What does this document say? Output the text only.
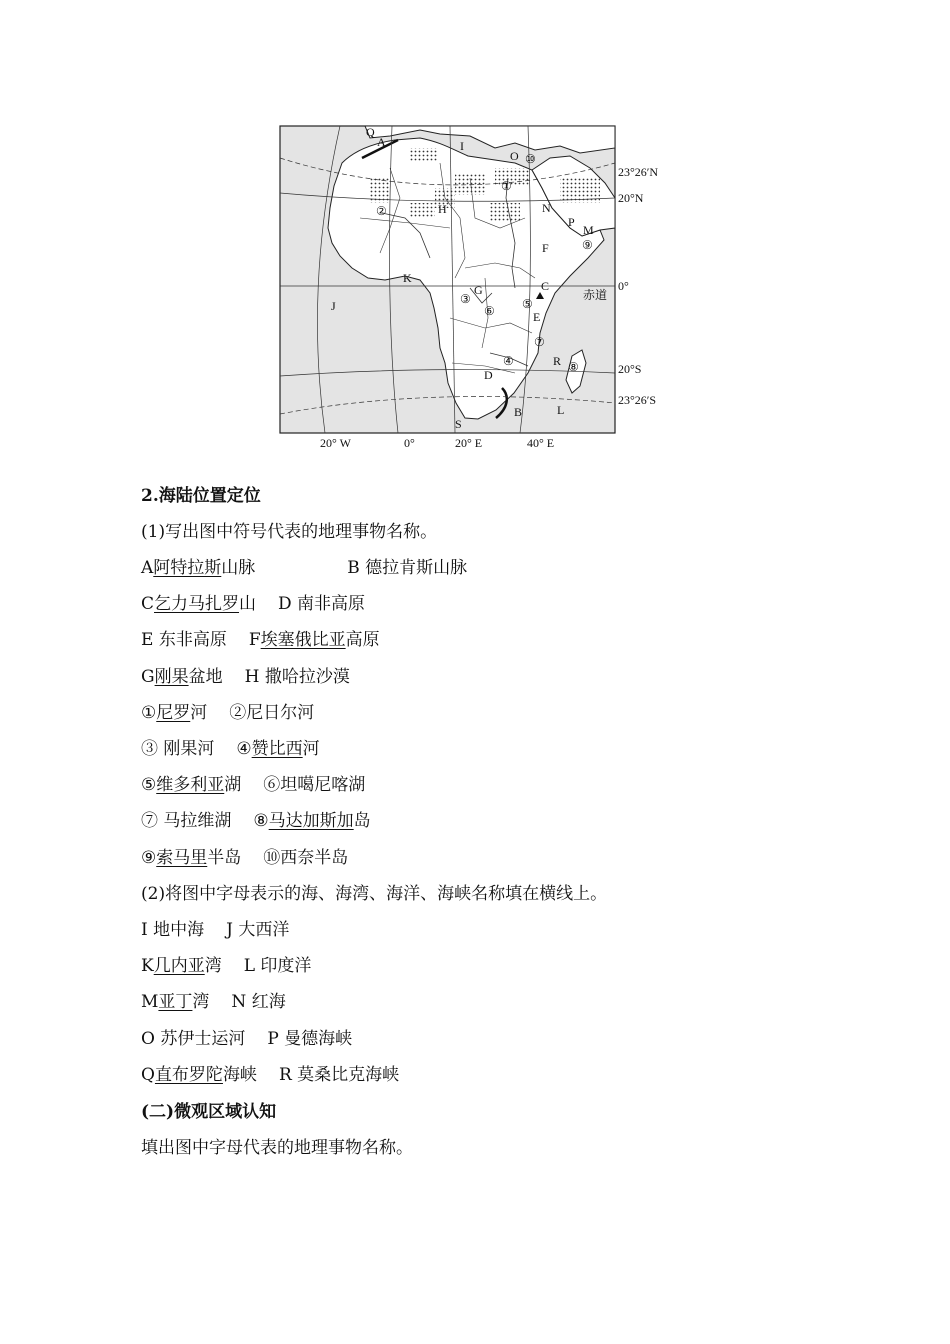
23°26′N
20°N
0°
赤道
20°S
23°26′S
20° W	0°	20° E	40° E
Q
A	I
O
N
P
M
H
F
K
J
G	C
E
D
R
B	L
S
①
②
③
④
⑤
⑥
⑦
⑧
⑨
⑩
2.海陆位置定位
(1)写出图中符号代表的地理事物名称。
A阿特拉斯山脉	B 德拉肯斯山脉
C乞力马扎罗山 D 南非高原
E 东非高原 F埃塞俄比亚高原
G刚果盆地 H 撒哈拉沙漠
①尼罗河 ②尼日尔河
③ 刚果河 ④赞比西河
⑤维多利亚湖 ⑥坦噶尼喀湖
⑦ 马拉维湖 ⑧马达加斯加岛
⑨索马里半岛 ⑩西奈半岛
(2)将图中字母表示的海、海湾、海洋、海峡名称填在横线上。
I 地中海 J 大西洋
K几内亚湾 L 印度洋
M亚丁湾 N 红海
O 苏伊士运河 P 曼德海峡
Q直布罗陀海峡 R 莫桑比克海峡
(二)微观区域认知
填出图中字母代表的地理事物名称。
